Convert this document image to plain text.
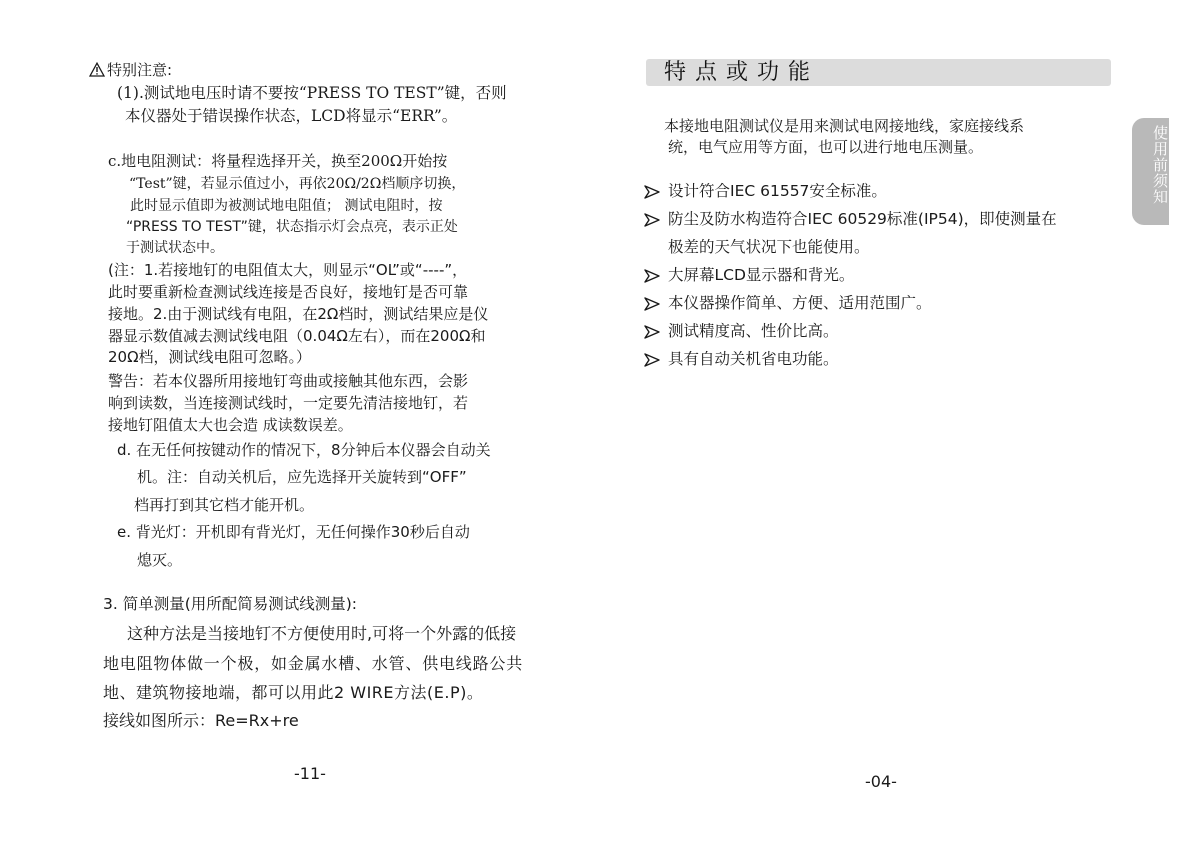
特别注意:

(1).测试地电压时请不要按“PRESS TO TEST”键，否则

本仪器处于错误操作状态，LCD将显示“ERR”。

c.地电阻测试：将量程选择开关，换至200Ω开始按

“Test”键，若显示值过小，再依20Ω/2Ω档顺序切换，

此时显示值即为被测试地电阻值； 测试电阻时，按

“PRESS TO TEST”键，状态指示灯会点亮，表示正处

于测试状态中。

(注：1.若接地钉的电阻值太大，则显示“OL”或“----”，

此时要重新检查测试线连接是否良好，接地钉是否可靠

接地。2.由于测试线有电阻，在2Ω档时，测试结果应是仪

器显示数值减去测试线电阻（0.04Ω左右），而在200Ω和

20Ω档，测试线电阻可忽略。）

警告：若本仪器所用接地钉弯曲或接触其他东西，会影

响到读数，当连接测试线时，一定要先清洁接地钉，若

接地钉阻值太大也会造 成读数误差。

d. 在无任何按键动作的情况下，8分钟后本仪器会自动关

机。注：自动关机后，应先选择开关旋转到“OFF”

档再打到其它档才能开机。

e. 背光灯：开机即有背光灯，无任何操作30秒后自动

熄灭。

3. 简单测量(用所配简易测试线测量):

这种方法是当接地钉不方便使用时,可将一个外露的低接

地电阻物体做一个极，如金属水槽、水管、供电线路公共

地、建筑物接地端，都可以用此2 WIRE方法(E.P)。

接线如图所示：Re=Rx+re

-11-

特点或功能

本接地电阻测试仪是用来测试电网接地线，家庭接线系

统，电气应用等方面，也可以进行地电压测量。

设计符合IEC 61557安全标准。

防尘及防水构造符合IEC 60529标准(IP54)，即使测量在

大屏幕LCD显示器和背光。

本仪器操作简单、方便、适用范围广。

测试精度高、性价比高。

具有自动关机省电功能。

极差的天气状况下也能使用。

使用前须知

-04-
